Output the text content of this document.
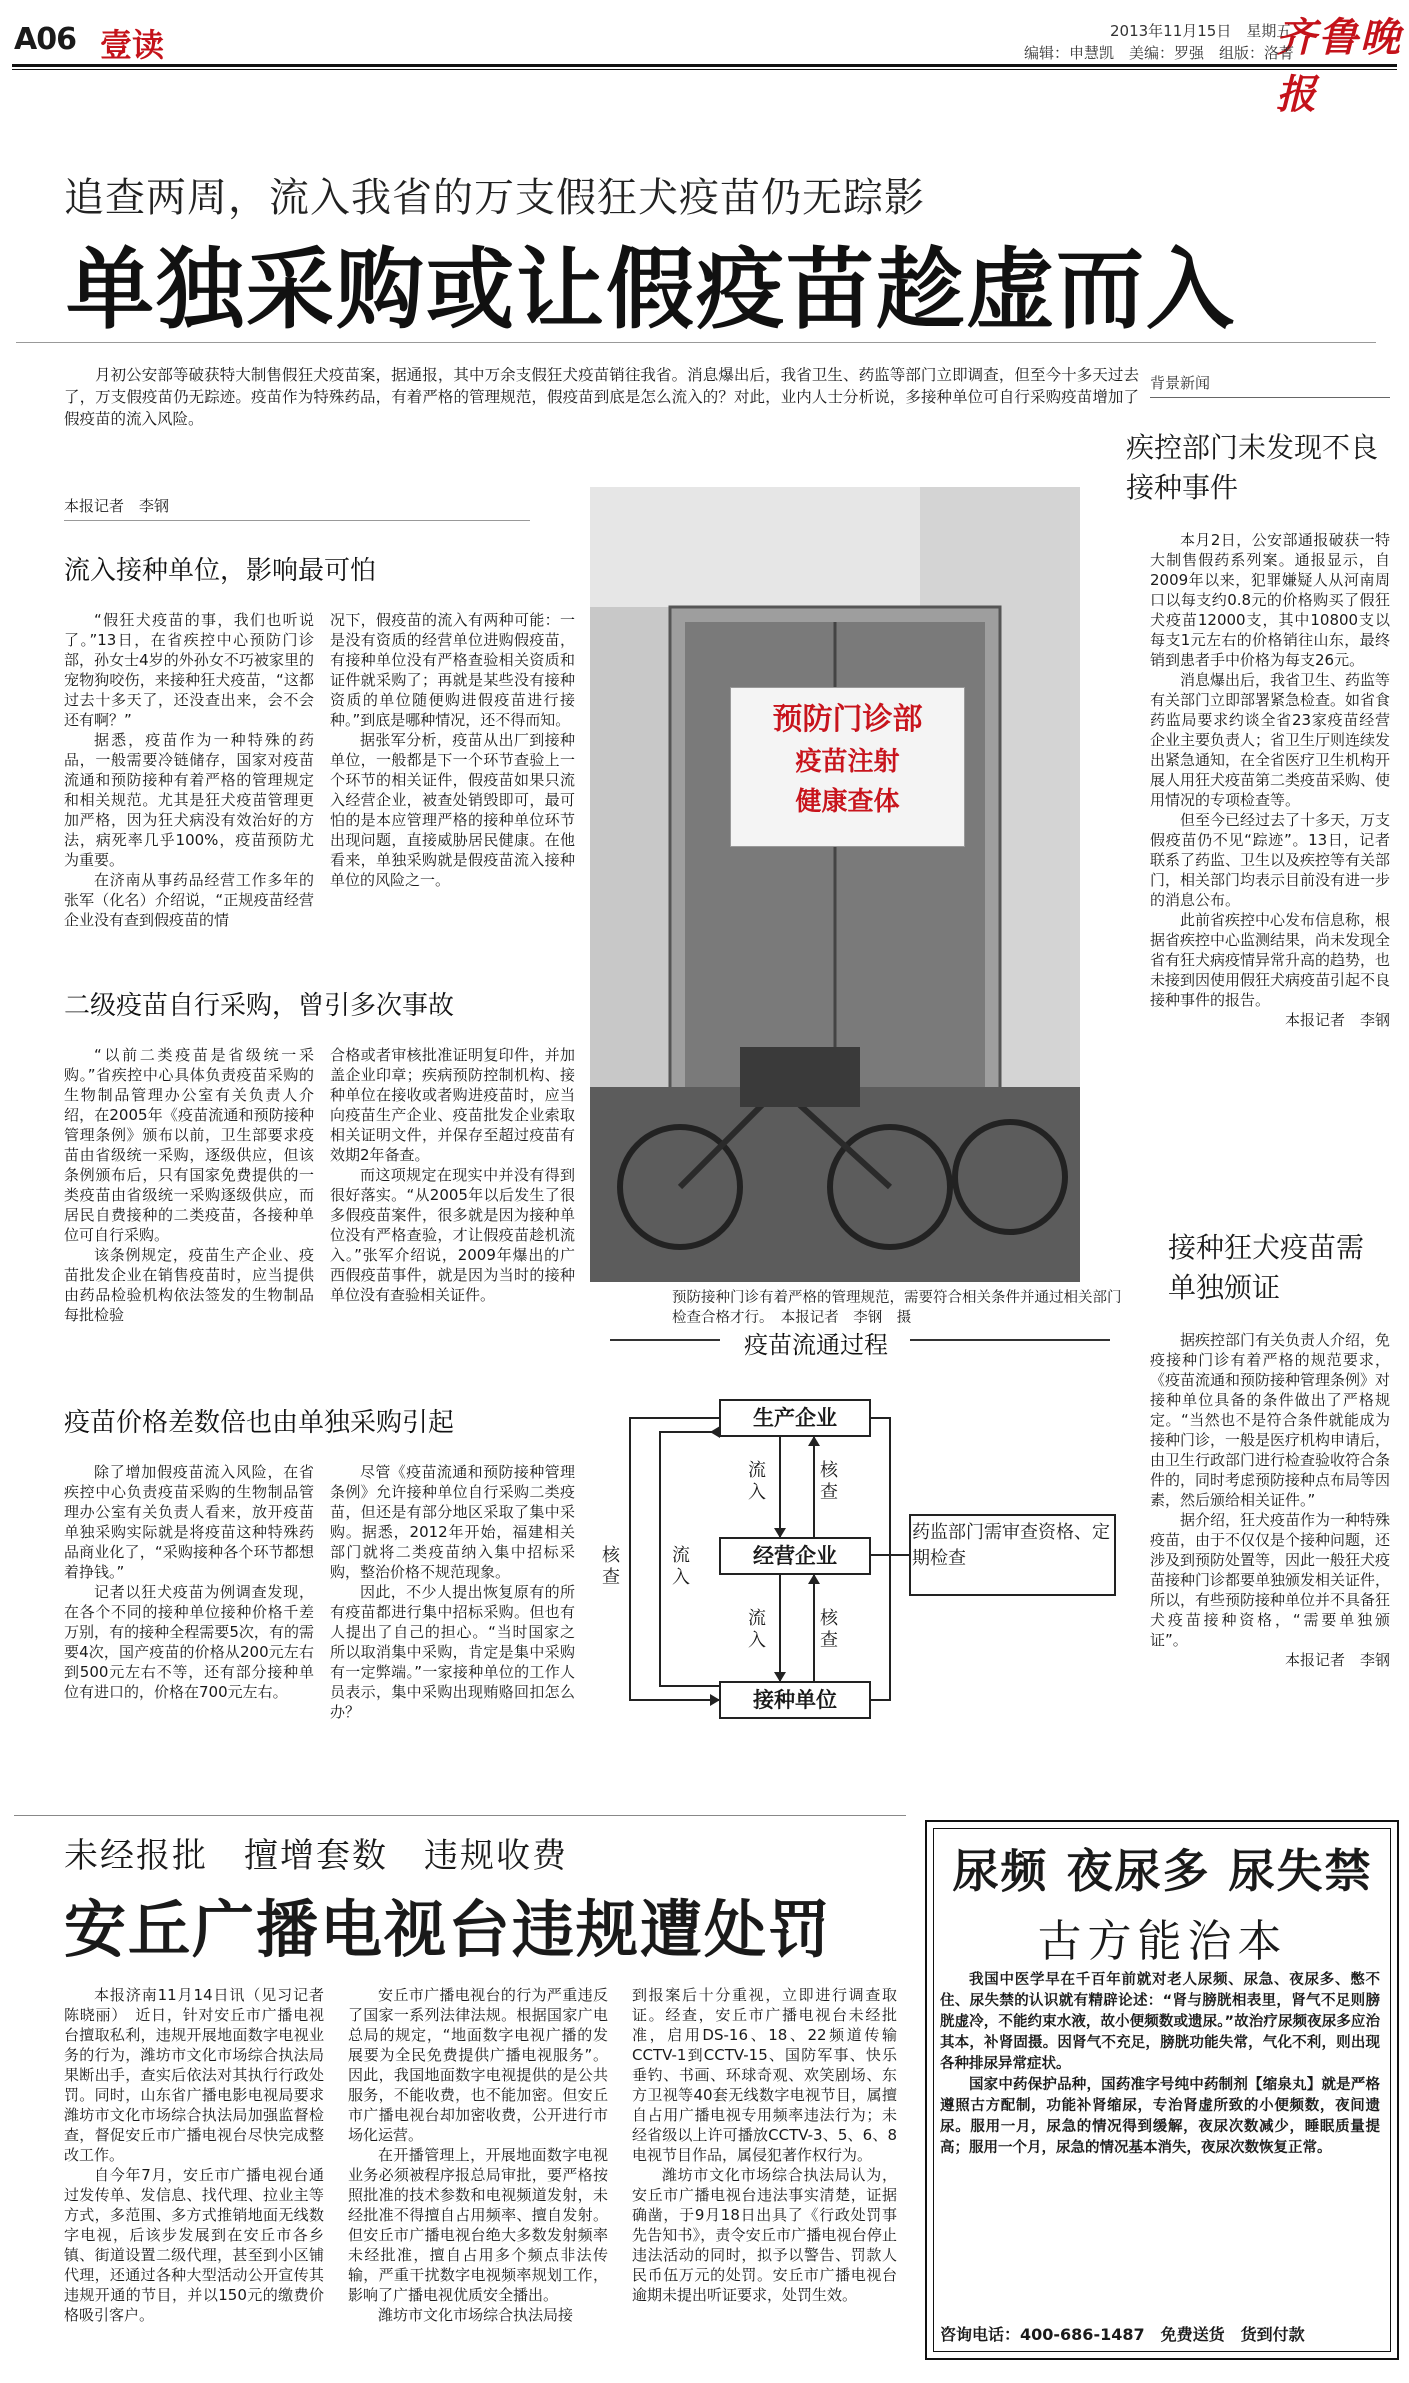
A06 壹读	2013年11月15日　星期五
齐鲁晚报
编辑：申慧凯　美编：罗强　组版：洛菁
追查两周，流入我省的万支假狂犬疫苗仍无踪影
单独采购或让假疫苗趁虚而入
月初公安部等破获特大制售假狂犬疫苗案，据通报，其中万余支假狂犬疫苗销往我省。消息爆出后，我省卫生、药监等部门立即调查，但至今十多天过去了，万支假疫苗仍无踪迹。疫苗作为特殊药品，有着严格的管理规范，假疫苗到底是怎么流入的？对此，业内人士分析说，多接种单位可自行采购疫苗增加了假疫苗的流入风险。
本报记者　李钢
流入接种单位，影响最可怕

“假狂犬疫苗的事，我们也听说了。”13日，在省疾控中心预防门诊部，孙女士4岁的外孙女不巧被家里的宠物狗咬伤，来接种狂犬疫苗，“这都过去十多天了，还没查出来，会不会还有啊？”

据悉，疫苗作为一种特殊的药品，一般需要冷链储存，国家对疫苗流通和预防接种有着严格的管理规定和相关规范。尤其是狂犬疫苗管理更加严格，因为狂犬病没有效治好的方法，病死率几乎100%，疫苗预防尤为重要。

在济南从事药品经营工作多年的张军（化名）介绍说，“正规疫苗经营企业没有查到假疫苗的情

况下，假疫苗的流入有两种可能：一是没有资质的经营单位进购假疫苗，有接种单位没有严格查验相关资质和证件就采购了；再就是某些没有接种资质的单位随便购进假疫苗进行接种。”到底是哪种情况，还不得而知。

据张军分析，疫苗从出厂到接种单位，一般都是下一个环节查验上一个环节的相关证件，假疫苗如果只流入经营企业，被查处销毁即可，最可怕的是本应管理严格的接种单位环节出现问题，直接威胁居民健康。在他看来，单独采购就是假疫苗流入接种单位的风险之一。

二级疫苗自行采购，曾引多次事故

“以前二类疫苗是省级统一采购。”省疾控中心具体负责疫苗采购的生物制品管理办公室有关负责人介绍，在2005年《疫苗流通和预防接种管理条例》颁布以前，卫生部要求疫苗由省级统一采购，逐级供应，但该条例颁布后，只有国家免费提供的一类疫苗由省级统一采购逐级供应，而居民自费接种的二类疫苗，各接种单位可自行采购。

该条例规定，疫苗生产企业、疫苗批发企业在销售疫苗时，应当提供由药品检验机构依法签发的生物制品每批检验

合格或者审核批准证明复印件，并加盖企业印章；疾病预防控制机构、接种单位在接收或者购进疫苗时，应当向疫苗生产企业、疫苗批发企业索取相关证明文件，并保存至超过疫苗有效期2年备查。

而这项规定在现实中并没有得到很好落实。“从2005年以后发生了很多假疫苗案件，很多就是因为接种单位没有严格查验，才让假疫苗趁机流入。”张军介绍说，2009年爆出的广西假疫苗事件，就是因为当时的接种单位没有查验相关证件。

疫苗价格差数倍也由单独采购引起

除了增加假疫苗流入风险，在省疾控中心负责疫苗采购的生物制品管理办公室有关负责人看来，放开疫苗单独采购实际就是将疫苗这种特殊药品商业化了，“采购接种各个环节都想着挣钱。”

记者以狂犬疫苗为例调查发现，在各个不同的接种单位接种价格千差万别，有的接种全程需要5次，有的需要4次，国产疫苗的价格从200元左右到500元左右不等，还有部分接种单位有进口的，价格在700元左右。

尽管《疫苗流通和预防接种管理条例》允许接种单位自行采购二类疫苗，但还是有部分地区采取了集中采购。据悉，2012年开始，福建相关部门就将二类疫苗纳入集中招标采购，整治价格不规范现象。

因此，不少人提出恢复原有的所有疫苗都进行集中招标采购。但也有人提出了自己的担心。“当时国家之所以取消集中采购，肯定是集中采购有一定弊端。”一家接种单位的工作人员表示，集中采购出现贿赂回扣怎么办？

预防门诊部
疫苗注射
健康查体
预防接种门诊有着严格的管理规范，需要符合相关条件并通过相关部门检查合格才行。　本报记者　李钢　摄
疫苗流通过程
生产企业
经营企业
接种单位
药监部门需审查资格、定期检查
流入
核查
流入
核查
核查
流入
背景新闻
疾控部门未发现不良接种事件

本月2日，公安部通报破获一特大制售假药系列案。通报显示，自2009年以来，犯罪嫌疑人从河南周口以每支约0.8元的价格购买了假狂犬疫苗12000支，其中10800支以每支1元左右的价格销往山东，最终销到患者手中价格为每支26元。

消息爆出后，我省卫生、药监等有关部门立即部署紧急检查。如省食药监局要求约谈全省23家疫苗经营企业主要负责人；省卫生厅则连续发出紧急通知，在全省医疗卫生机构开展人用狂犬疫苗第二类疫苗采购、使用情况的专项检查等。

但至今已经过去了十多天，万支假疫苗仍不见“踪迹”。13日，记者联系了药监、卫生以及疾控等有关部门，相关部门均表示目前没有进一步的消息公布。

此前省疾控中心发布信息称，根据省疾控中心监测结果，尚未发现全省有狂犬病疫情异常升高的趋势，也未接到因使用假狂犬病疫苗引起不良接种事件的报告。

本报记者　李钢

接种狂犬疫苗需单独颁证

据疾控部门有关负责人介绍，免疫接种门诊有着严格的规范要求，《疫苗流通和预防接种管理条例》对接种单位具备的条件做出了严格规定。“当然也不是符合条件就能成为接种门诊，一般是医疗机构申请后，由卫生行政部门进行检查验收符合条件的，同时考虑预防接种点布局等因素，然后颁给相关证件。”

据介绍，狂犬疫苗作为一种特殊疫苗，由于不仅仅是个接种问题，还涉及到预防处置等，因此一般狂犬疫苗接种门诊都要单独颁发相关证件，所以，有些预防接种单位并不具备狂犬疫苗接种资格，“需要单独颁证”。

本报记者　李钢

未经报批　擅增套数　违规收费
安丘广播电视台违规遭处罚

本报济南11月14日讯（见习记者　陈晓丽）　近日，针对安丘市广播电视台擅取私利，违规开展地面数字电视业务的行为，潍坊市文化市场综合执法局果断出手，查实后依法对其执行行政处罚。同时，山东省广播电影电视局要求潍坊市文化市场综合执法局加强监督检查，督促安丘市广播电视台尽快完成整改工作。

自今年7月，安丘市广播电视台通过发传单、发信息、找代理、拉业主等方式，多范围、多方式推销地面无线数字电视，后该步发展到在安丘市各乡镇、街道设置二级代理，甚至到小区铺代理，还通过各种大型活动公开宣传其违规开通的节目，并以150元的缴费价格吸引客户。

安丘市广播电视台的行为严重违反了国家一系列法律法规。根据国家广电总局的规定，“地面数字电视广播的发展要为全民免费提供广播电视服务”。因此，我国地面数字电视提供的是公共服务，不能收费，也不能加密。但安丘市广播电视台却加密收费，公开进行市场化运营。

在开播管理上，开展地面数字电视业务必须被程序报总局审批，要严格按照批准的技术参数和电视频道发射，未经批准不得擅自占用频率、擅自发射。但安丘市广播电视台绝大多数发射频率未经批准，擅自占用多个频点非法传输，严重干扰数字电视频率规划工作，影响了广播电视优质安全播出。

潍坊市文化市场综合执法局接

到报案后十分重视，立即进行调查取证。经查，安丘市广播电视台未经批准，启用DS-16、18、22频道传输CCTV-1到CCTV-15、国防军事、快乐垂钓、书画、环球奇观、欢笑剧场、东方卫视等40套无线数字电视节目，属擅自占用广播电视专用频率违法行为；未经省级以上许可播放CCTV-3、5、6、8电视节目作品，属侵犯著作权行为。

潍坊市文化市场综合执法局认为，安丘市广播电视台违法事实清楚，证据确凿，于9月18日出具了《行政处罚事先告知书》，责令安丘市广播电视台停止违法活动的同时，拟予以警告、罚款人民币伍万元的处罚。安丘市广播电视台逾期未提出听证要求，处罚生效。

尿频 夜尿多 尿失禁
古方能治本

我国中医学早在千百年前就对老人尿频、尿急、夜尿多、憋不住、尿失禁的认识就有精辟论述：“肾与膀胱相表里，肾气不足则膀胱虚冷，不能约束水液，故小便频数或遗尿。”故治疗尿频夜尿多应治其本，补肾固摄。因肾气不充足，膀胱功能失常，气化不利，则出现各种排尿异常症状。

国家中药保护品种，国药准字号纯中药制剂【缩泉丸】就是严格遵照古方配制，功能补肾缩尿，专治肾虚所致的小便频数，夜间遗尿。服用一月，尿急的情况得到缓解，夜尿次数减少，睡眠质量提高；服用一个月，尿急的情况基本消失，夜尿次数恢复正常。

咨询电话：400-686-1487　免费送货　货到付款
